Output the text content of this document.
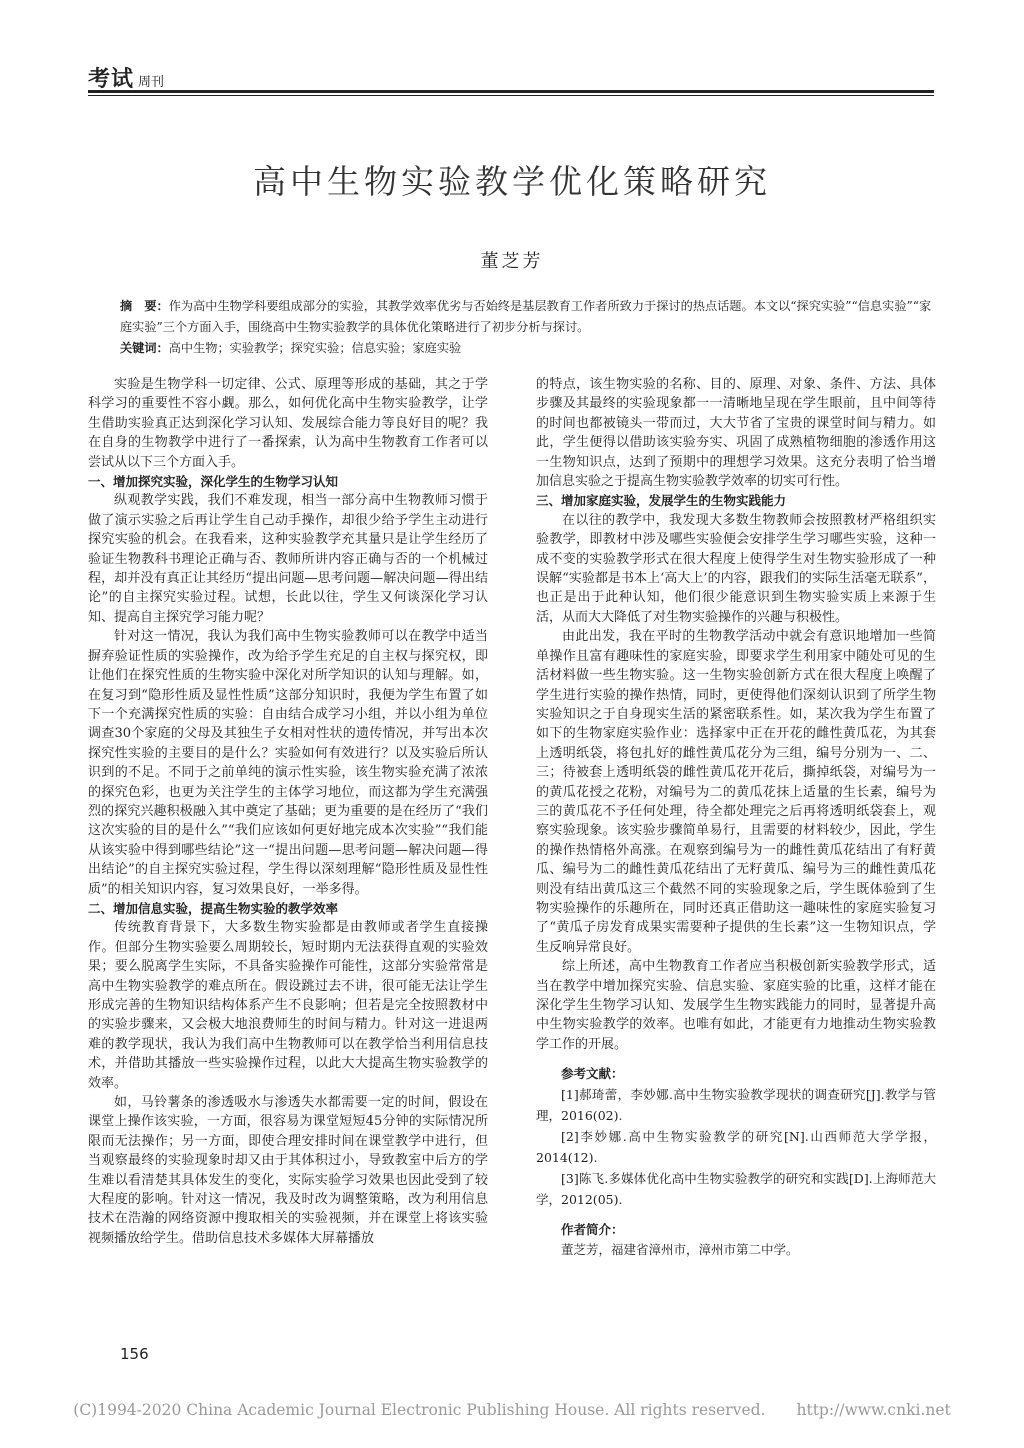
考试 周刊
高中生物实验教学优化策略研究
董芝芳

摘　要：作为高中生物学科要组成部分的实验，其教学效率优劣与否始终是基层教育工作者所致力于探讨的热点话题。本文以“探究实验”“信息实验”“家庭实验”三个方面入手，围绕高中生物实验教学的具体优化策略进行了初步分析与探讨。

关键词：高中生物；实验教学；探究实验；信息实验；家庭实验

实验是生物学科一切定律、公式、原理等形成的基础，其之于学科学习的重要性不容小觑。那么，如何优化高中生物实验教学，让学生借助实验真正达到深化学习认知、发展综合能力等良好目的呢？我在自身的生物教学中进行了一番探索，认为高中生物教育工作者可以尝试从以下三个方面入手。

一、增加探究实验，深化学生的生物学习认知

纵观教学实践，我们不难发现，相当一部分高中生物教师习惯于做了演示实验之后再让学生自己动手操作，却很少给予学生主动进行探究实验的机会。在我看来，这种实验教学充其量只是让学生经历了验证生物教科书理论正确与否、教师所讲内容正确与否的一个机械过程，却并没有真正让其经历“提出问题—思考问题—解决问题—得出结论”的自主探究实验过程。试想，长此以往，学生又何谈深化学习认知、提高自主探究学习能力呢？

针对这一情况，我认为我们高中生物实验教师可以在教学中适当摒弃验证性质的实验操作，改为给予学生充足的自主权与探究权，即让他们在探究性质的生物实验中深化对所学知识的认知与理解。如，在复习到“隐形性质及显性性质”这部分知识时，我便为学生布置了如下一个充满探究性质的实验：自由结合成学习小组，并以小组为单位调查30个家庭的父母及其独生子女相对性状的遗传情况，并写出本次探究性实验的主要目的是什么？实验如何有效进行？以及实验后所认识到的不足。不同于之前单纯的演示性实验，该生物实验充满了浓浓的探究色彩，也更为关注学生的主体学习地位，而这都为学生充满强烈的探究兴趣积极融入其中奠定了基础；更为重要的是在经历了“我们这次实验的目的是什么”“我们应该如何更好地完成本次实验”“我们能从该实验中得到哪些结论”这一“提出问题—思考问题—解决问题—得出结论”的自主探究实验过程，学生得以深刻理解“隐形性质及显性性质”的相关知识内容，复习效果良好，一举多得。

二、增加信息实验，提高生物实验的教学效率

传统教育背景下，大多数生物实验都是由教师或者学生直接操作。但部分生物实验要么周期较长，短时期内无法获得直观的实验效果；要么脱离学生实际，不具备实验操作可能性，这部分实验常常是高中生物实验教学的难点所在。假设跳过去不讲，很可能无法让学生形成完善的生物知识结构体系产生不良影响；但若是完全按照教材中的实验步骤来，又会极大地浪费师生的时间与精力。针对这一进退两难的教学现状，我认为我们高中生物教师可以在教学恰当利用信息技术，并借助其播放一些实验操作过程，以此大大提高生物实验教学的效率。

如，马铃薯条的渗透吸水与渗透失水都需要一定的时间，假设在课堂上操作该实验，一方面，很容易为课堂短短45分钟的实际情况所限而无法操作；另一方面，即使合理安排时间在课堂教学中进行，但当观察最终的实验现象时却又由于其体积过小，导致教室中后方的学生难以看清楚其具体发生的变化，实际实验学习效果也因此受到了较大程度的影响。针对这一情况，我及时改为调整策略，改为利用信息技术在浩瀚的网络资源中搜取相关的实验视频，并在课堂上将该实验视频播放给学生。借助信息技术多媒体大屏幕播放

的特点，该生物实验的名称、目的、原理、对象、条件、方法、具体步骤及其最终的实验现象都一一清晰地呈现在学生眼前，且中间等待的时间也都被镜头一带而过，大大节省了宝贵的课堂时间与精力。如此，学生便得以借助该实验夯实、巩固了成熟植物细胞的渗透作用这一生物知识点，达到了预期中的理想学习效果。这充分表明了恰当增加信息实验之于提高生物实验教学效率的切实可行性。

三、增加家庭实验，发展学生的生物实践能力

在以往的教学中，我发现大多数生物教师会按照教材严格组织实验教学，即教材中涉及哪些实验便会安排学生学习哪些实验，这种一成不变的实验教学形式在很大程度上使得学生对生物实验形成了一种误解“实验都是书本上‘高大上’的内容，跟我们的实际生活毫无联系”，也正是出于此种认知，他们很少能意识到生物实验实质上来源于生活，从而大大降低了对生物实验操作的兴趣与积极性。

由此出发，我在平时的生物教学活动中就会有意识地增加一些简单操作且富有趣味性的家庭实验，即要求学生利用家中随处可见的生活材料做一些生物实验。这一生物实验创新方式在很大程度上唤醒了学生进行实验的操作热情，同时，更使得他们深刻认识到了所学生物实验知识之于自身现实生活的紧密联系性。如，某次我为学生布置了如下的生物家庭实验作业：选择家中正在开花的雌性黄瓜花，为其套上透明纸袋，将包扎好的雌性黄瓜花分为三组，编号分别为一、二、三；待被套上透明纸袋的雌性黄瓜花开花后，撕掉纸袋，对编号为一的黄瓜花授之花粉，对编号为二的黄瓜花抹上适量的生长素，编号为三的黄瓜花不予任何处理，待全都处理完之后再将透明纸袋套上，观察实验现象。该实验步骤简单易行，且需要的材料较少，因此，学生的操作热情格外高涨。在观察到编号为一的雌性黄瓜花结出了有籽黄瓜、编号为二的雌性黄瓜花结出了无籽黄瓜、编号为三的雌性黄瓜花则没有结出黄瓜这三个截然不同的实验现象之后，学生既体验到了生物实验操作的乐趣所在，同时还真正借助这一趣味性的家庭实验复习了“黄瓜子房发育成果实需要种子提供的生长素”这一生物知识点，学生反响异常良好。

综上所述，高中生物教育工作者应当积极创新实验教学形式，适当在教学中增加探究实验、信息实验、家庭实验的比重，这样才能在深化学生生物学习认知、发展学生生物实践能力的同时，显著提升高中生物实验教学的效率。也唯有如此，才能更有力地推动生物实验教学工作的开展。

参考文献：

[1]郝琦蕾，李妙娜.高中生物实验教学现状的调查研究[J].教学与管理，2016(02).

[2]李妙娜.高中生物实验教学的研究[N].山西师范大学学报，2014(12).

[3]陈飞.多媒体优化高中生物实验教学的研究和实践[D].上海师范大学，2012(05).

作者简介：

董芝芳，福建省漳州市，漳州市第二中学。

156
(C)1994-2020 China Academic Journal Electronic Publishing House. All rights reserved.　　http://www.cnki.net
